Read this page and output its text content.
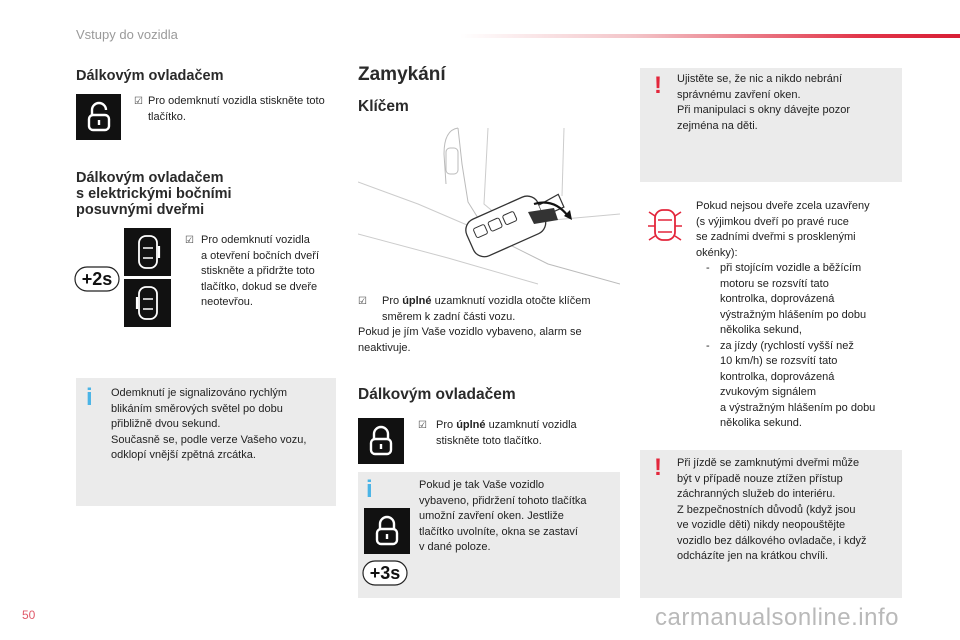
Vstupy do vozidla
Dálkovým ovladačem
☑ Pro odemknutí vozidla stiskněte toto tlačítko.
Dálkovým ovladačem
s elektrickými bočními
posuvnými dveřmi
+2s
☑ Pro odemknutí vozidla
a otevření bočních dveří
stiskněte a přidržte toto
tlačítko, dokud se dveře
neotevřou.
i Odemknutí je signalizováno rychlým
blikáním směrových světel po dobu
přibližně dvou sekund.
Současně se, podle verze Vašeho vozu,
odklopí vnější zpětná zrcátka.
Zamykání
Klíčem
☑	Pro úplné uzamknutí vozidla otočte klíčem
směrem k zadní části vozu.
Pokud je jím Vaše vozidlo vybaveno, alarm se
neaktivuje.
Dálkovým ovladačem
☑ Pro úplné uzamknutí vozidla
stiskněte toto tlačítko.
i
+3s
Pokud je tak Vaše vozidlo
vybaveno, přidržení tohoto tlačítka
umožní zavření oken. Jestliže
tlačítko uvolníte, okna se zastaví
v dané poloze.
! Ujistěte se, že nic a nikdo nebrání
správnému zavření oken.
Při manipulaci s okny dávejte pozor
zejména na děti.
Pokud nejsou dveře zcela uzavřeny
(s výjimkou dveří po pravé ruce
se zadními dveřmi s prosklenými
okénky):
- při stojícím vozidle a běžícím
motoru se rozsvítí tato
kontrolka, doprovázená
výstražným hlášením po dobu
několika sekund,
- za jízdy (rychlostí vyšší než
10 km/h) se rozsvítí tato
kontrolka, doprovázená
zvukovým signálem
a výstražným hlášením po dobu
několika sekund.
! Při jízdě se zamknutými dveřmi může
být v případě nouze ztížen přístup
záchranných služeb do interiéru.
Z bezpečnostních důvodů (když jsou
ve vozidle děti) nikdy neopouštějte
vozidlo bez dálkového ovladače, i když
odcházíte jen na krátkou chvíli.
50	carmanualsonline.info
